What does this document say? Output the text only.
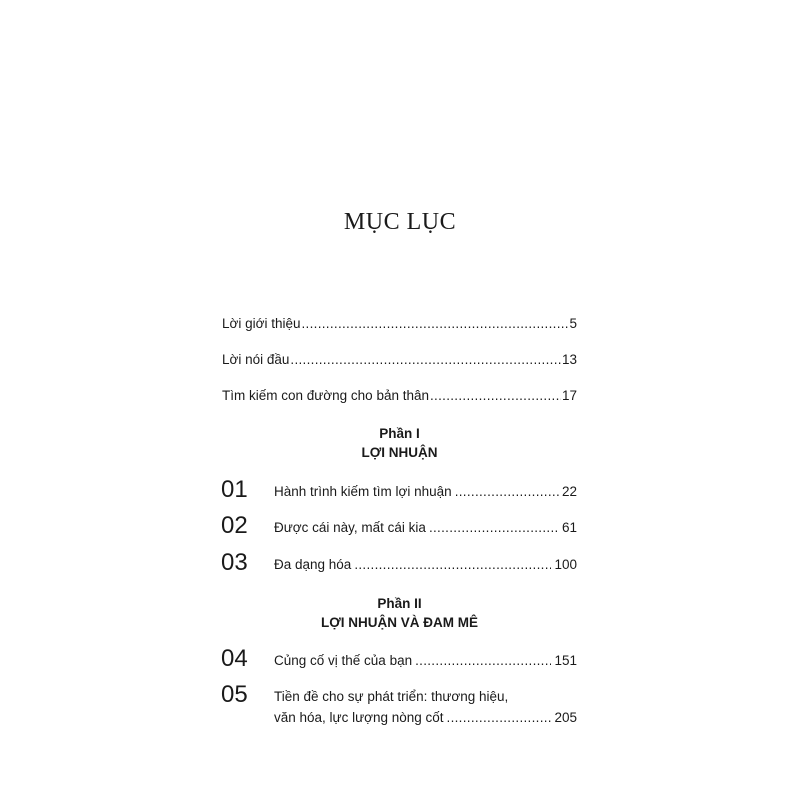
MỤC LỤC
Lời giới thiệu .....	5
Lời nói đầu .....	13
Tìm kiếm con đường cho bản thân .....	17
Phần I
LỢI NHUẬN
01 Hành trình kiếm tìm lợi nhuận .....	22
02 Được cái này, mất cái kia .....	61
03 Đa dạng hóa .....	100
Phần II
LỢI NHUẬN VÀ ĐAM MÊ
04 Củng cố vị thế của bạn .....	151
05 Tiền đề cho sự phát triển: thương hiệu,
văn hóa, lực lượng nòng cốt .....	205
